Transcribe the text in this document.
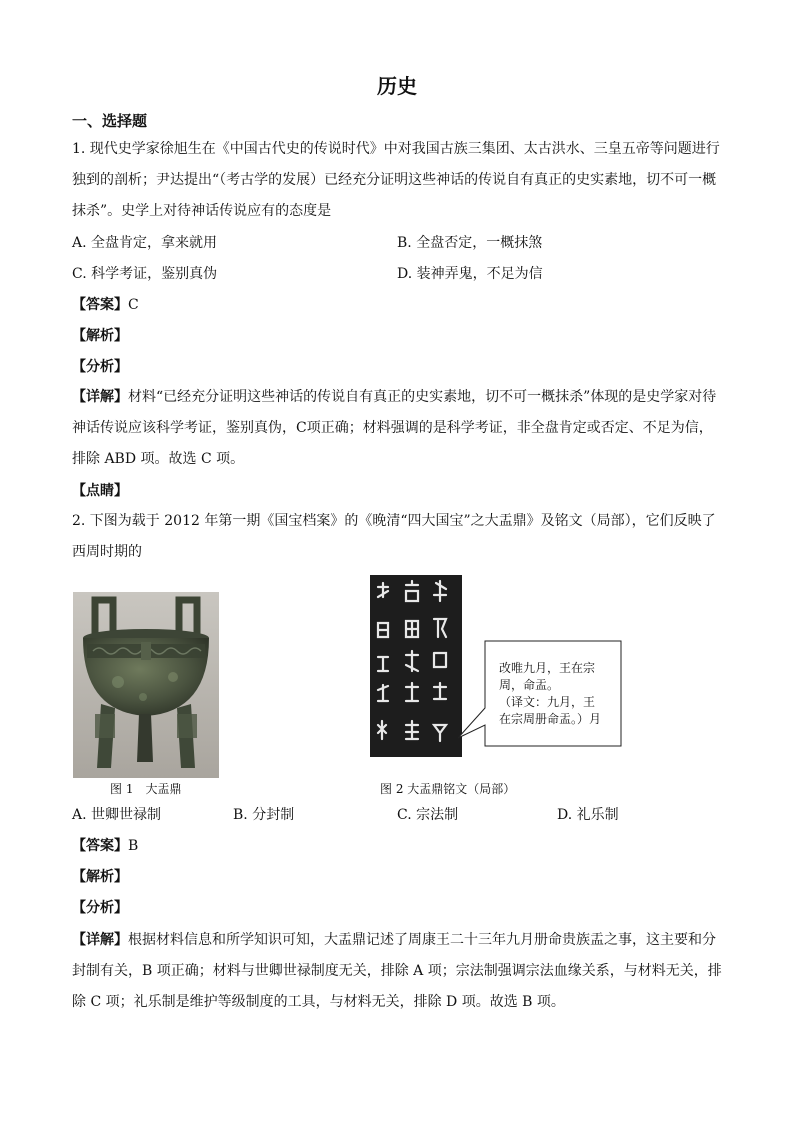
历史
一、选择题
1. 现代史学家徐旭生在《中国古代史的传说时代》中对我国古族三集团、太古洪水、三皇五帝等问题进行独到的剖析；尹达提出“（考古学的发展）已经充分证明这些神话的传说自有真正的史实素地，切不可一概抹杀”。史学上对待神话传说应有的态度是
A. 全盘肯定，拿来就用	B. 全盘否定，一概抹煞
C. 科学考证，鉴别真伪	D. 装神弄鬼，不足为信
【答案】C
【解析】
【分析】
【详解】材料“已经充分证明这些神话的传说自有真正的史实素地，切不可一概抹杀”体现的是史学家对待神话传说应该科学考证，鉴别真伪，C项正确；材料强调的是科学考证，非全盘肯定或否定、不足为信，排除 ABD 项。故选 C 项。
【点睛】
2. 下图为载于 2012 年第一期《国宝档案》的《晚清“四大国宝”之大盂鼎》及铭文（局部），它们反映了西周时期的
图 1　大盂鼎
改唯九月，王在宗
周，命盂。
（译文：九月，王
在宗周册命盂。）月
图 2 大盂鼎铭文（局部）
A. 世卿世禄制	B. 分封制	C. 宗法制	D. 礼乐制
【答案】B
【解析】
【分析】
【详解】根据材料信息和所学知识可知，大盂鼎记述了周康王二十三年九月册命贵族盂之事，这主要和分封制有关，B 项正确；材料与世卿世禄制度无关，排除 A 项；宗法制强调宗法血缘关系，与材料无关，排除 C 项；礼乐制是维护等级制度的工具，与材料无关，排除 D 项。故选 B 项。
